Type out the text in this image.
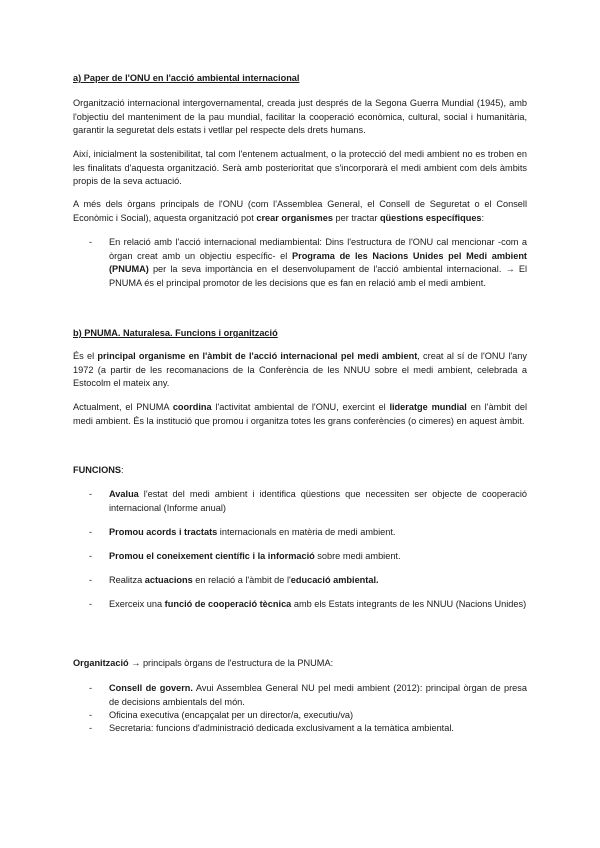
a) Paper de l'ONU en l'acció ambiental internacional

Organització internacional intergovernamental, creada just després de la Segona Guerra Mundial (1945), amb l'objectiu del manteniment de la pau mundial, facilitar la cooperació econòmica, cultural, social i humanitària, garantir la seguretat dels estats i vetllar pel respecte dels drets humans.

Així, inicialment la sostenibilitat, tal com l'entenem actualment, o la protecció del medi ambient no es troben en les finalitats d'aquesta organització. Serà amb posterioritat que s'incorporarà el medi ambient com dels àmbits propis de la seva actuació.

A més dels òrgans principals de l'ONU (com l'Assemblea General, el Consell de Seguretat o el Consell Econòmic i Social), aquesta organització pot crear organismes per tractar qüestions específiques:

- En relació amb l'acció internacional mediambiental: Dins l'estructura de l'ONU cal mencionar -com a òrgan creat amb un objectiu específic- el Programa de les Nacions Unides pel Medi ambient (PNUMA) per la seva importància en el desenvolupament de l'acció ambiental internacional. → El PNUMA és el principal promotor de les decisions que es fan en relació amb el medi ambient.

b) PNUMA. Naturalesa. Funcions i organització

És el principal organisme en l'àmbit de l'acció internacional pel medi ambient, creat al sí de l'ONU l'any 1972 (a partir de les recomanacions de la Conferència de les NNUU sobre el medi ambient, celebrada a Estocolm el mateix any.

Actualment, el PNUMA coordina l'activitat ambiental de l'ONU, exercint el lideratge mundial en l'àmbit del medi ambient. És la institució que promou i organitza totes les grans conferències (o cimeres) en aquest àmbit.

FUNCIONS:
- Avalua l'estat del medi ambient i identifica qüestions que necessiten ser objecte de cooperació internacional (Informe anual)

- Promou acords i tractats internacionals en matèria de medi ambient.

- Promou el coneixement científic i la informació sobre medi ambient.

- Realitza actuacions en relació a l'àmbit de l'educació ambiental.

- Exerceix una funció de cooperació tècnica amb els Estats integrants de les NNUU (Nacions Unides)

Organització → principals òrgans de l'estructura de la PNUMA:
- Consell de govern. Avui Assemblea General NU pel medi ambient (2012): principal òrgan de presa de decisions ambientals del món.

- Oficina executiva (encapçalat per un director/a, executiu/va)

- Secretaria: funcions d'administració dedicada exclusivament a la temàtica ambiental.
